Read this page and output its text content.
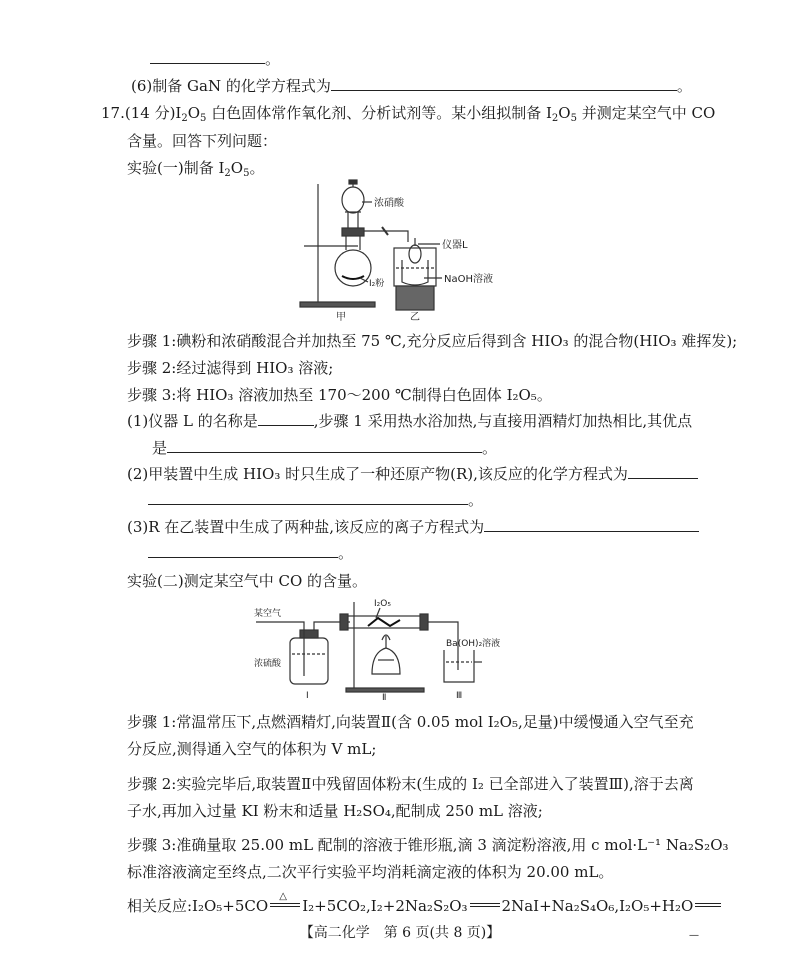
。
(6)制备 GaN 的化学方程式为	。
17.(14 分)$I_2O_5$ 白色固体常作氧化剂、分析试剂等。某小组拟制备 $I_2O_5$ 并测定某空气中 CO
含量。回答下列问题：
实验(一)制备 $I_2O_5$。
浓硝酸
仪器L
NaOH溶液
I₂粉
甲	乙
步骤 1:碘粉和浓硝酸混合并加热至 75 ℃,充分反应后得到含 HIO₃ 的混合物(HIO₃ 难挥发);
步骤 2:经过滤得到 HIO₃ 溶液;
步骤 3:将 HIO₃ 溶液加热至 170～200 ℃制得白色固体 I₂O₅。
(1)仪器 L 的名称是	,步骤 1 采用热水浴加热,与直接用酒精灯加热相比,其优点
是	。
(2)甲装置中生成 HIO₃ 时只生成了一种还原产物(R),该反应的化学方程式为
。
(3)R 在乙装置中生成了两种盐,该反应的离子方程式为
。
实验(二)测定某空气中 CO 的含量。
某空气
I₂O₅
浓硫酸
Ⅰ	Ⅱ	Ⅲ
Ba(OH)₂溶液
步骤 1:常温常压下,点燃酒精灯,向装置Ⅱ(含 0.05 mol I₂O₅,足量)中缓慢通入空气至充
分反应,测得通入空气的体积为 V mL;
步骤 2:实验完毕后,取装置Ⅱ中残留固体粉末(生成的 I₂ 已全部进入了装置Ⅲ),溶于去离
子水,再加入过量 KI 粉末和适量 H₂SO₄,配制成 250 mL 溶液;
步骤 3:准确量取 25.00 mL 配制的溶液于锥形瓶,滴 3 滴淀粉溶液,用 c mol·L⁻¹ Na₂S₂O₃
标准溶液滴定至终点,二次平行实验平均消耗滴定液的体积为 20.00 mL。
相关反应:I₂O₅+5CO
△
I₂+5CO₂,I₂+2Na₂S₂O₃ 2NaI+Na₂S₄O₆,I₂O₅+H₂O
【高二化学　第 6 页(共 8 页)】	—
